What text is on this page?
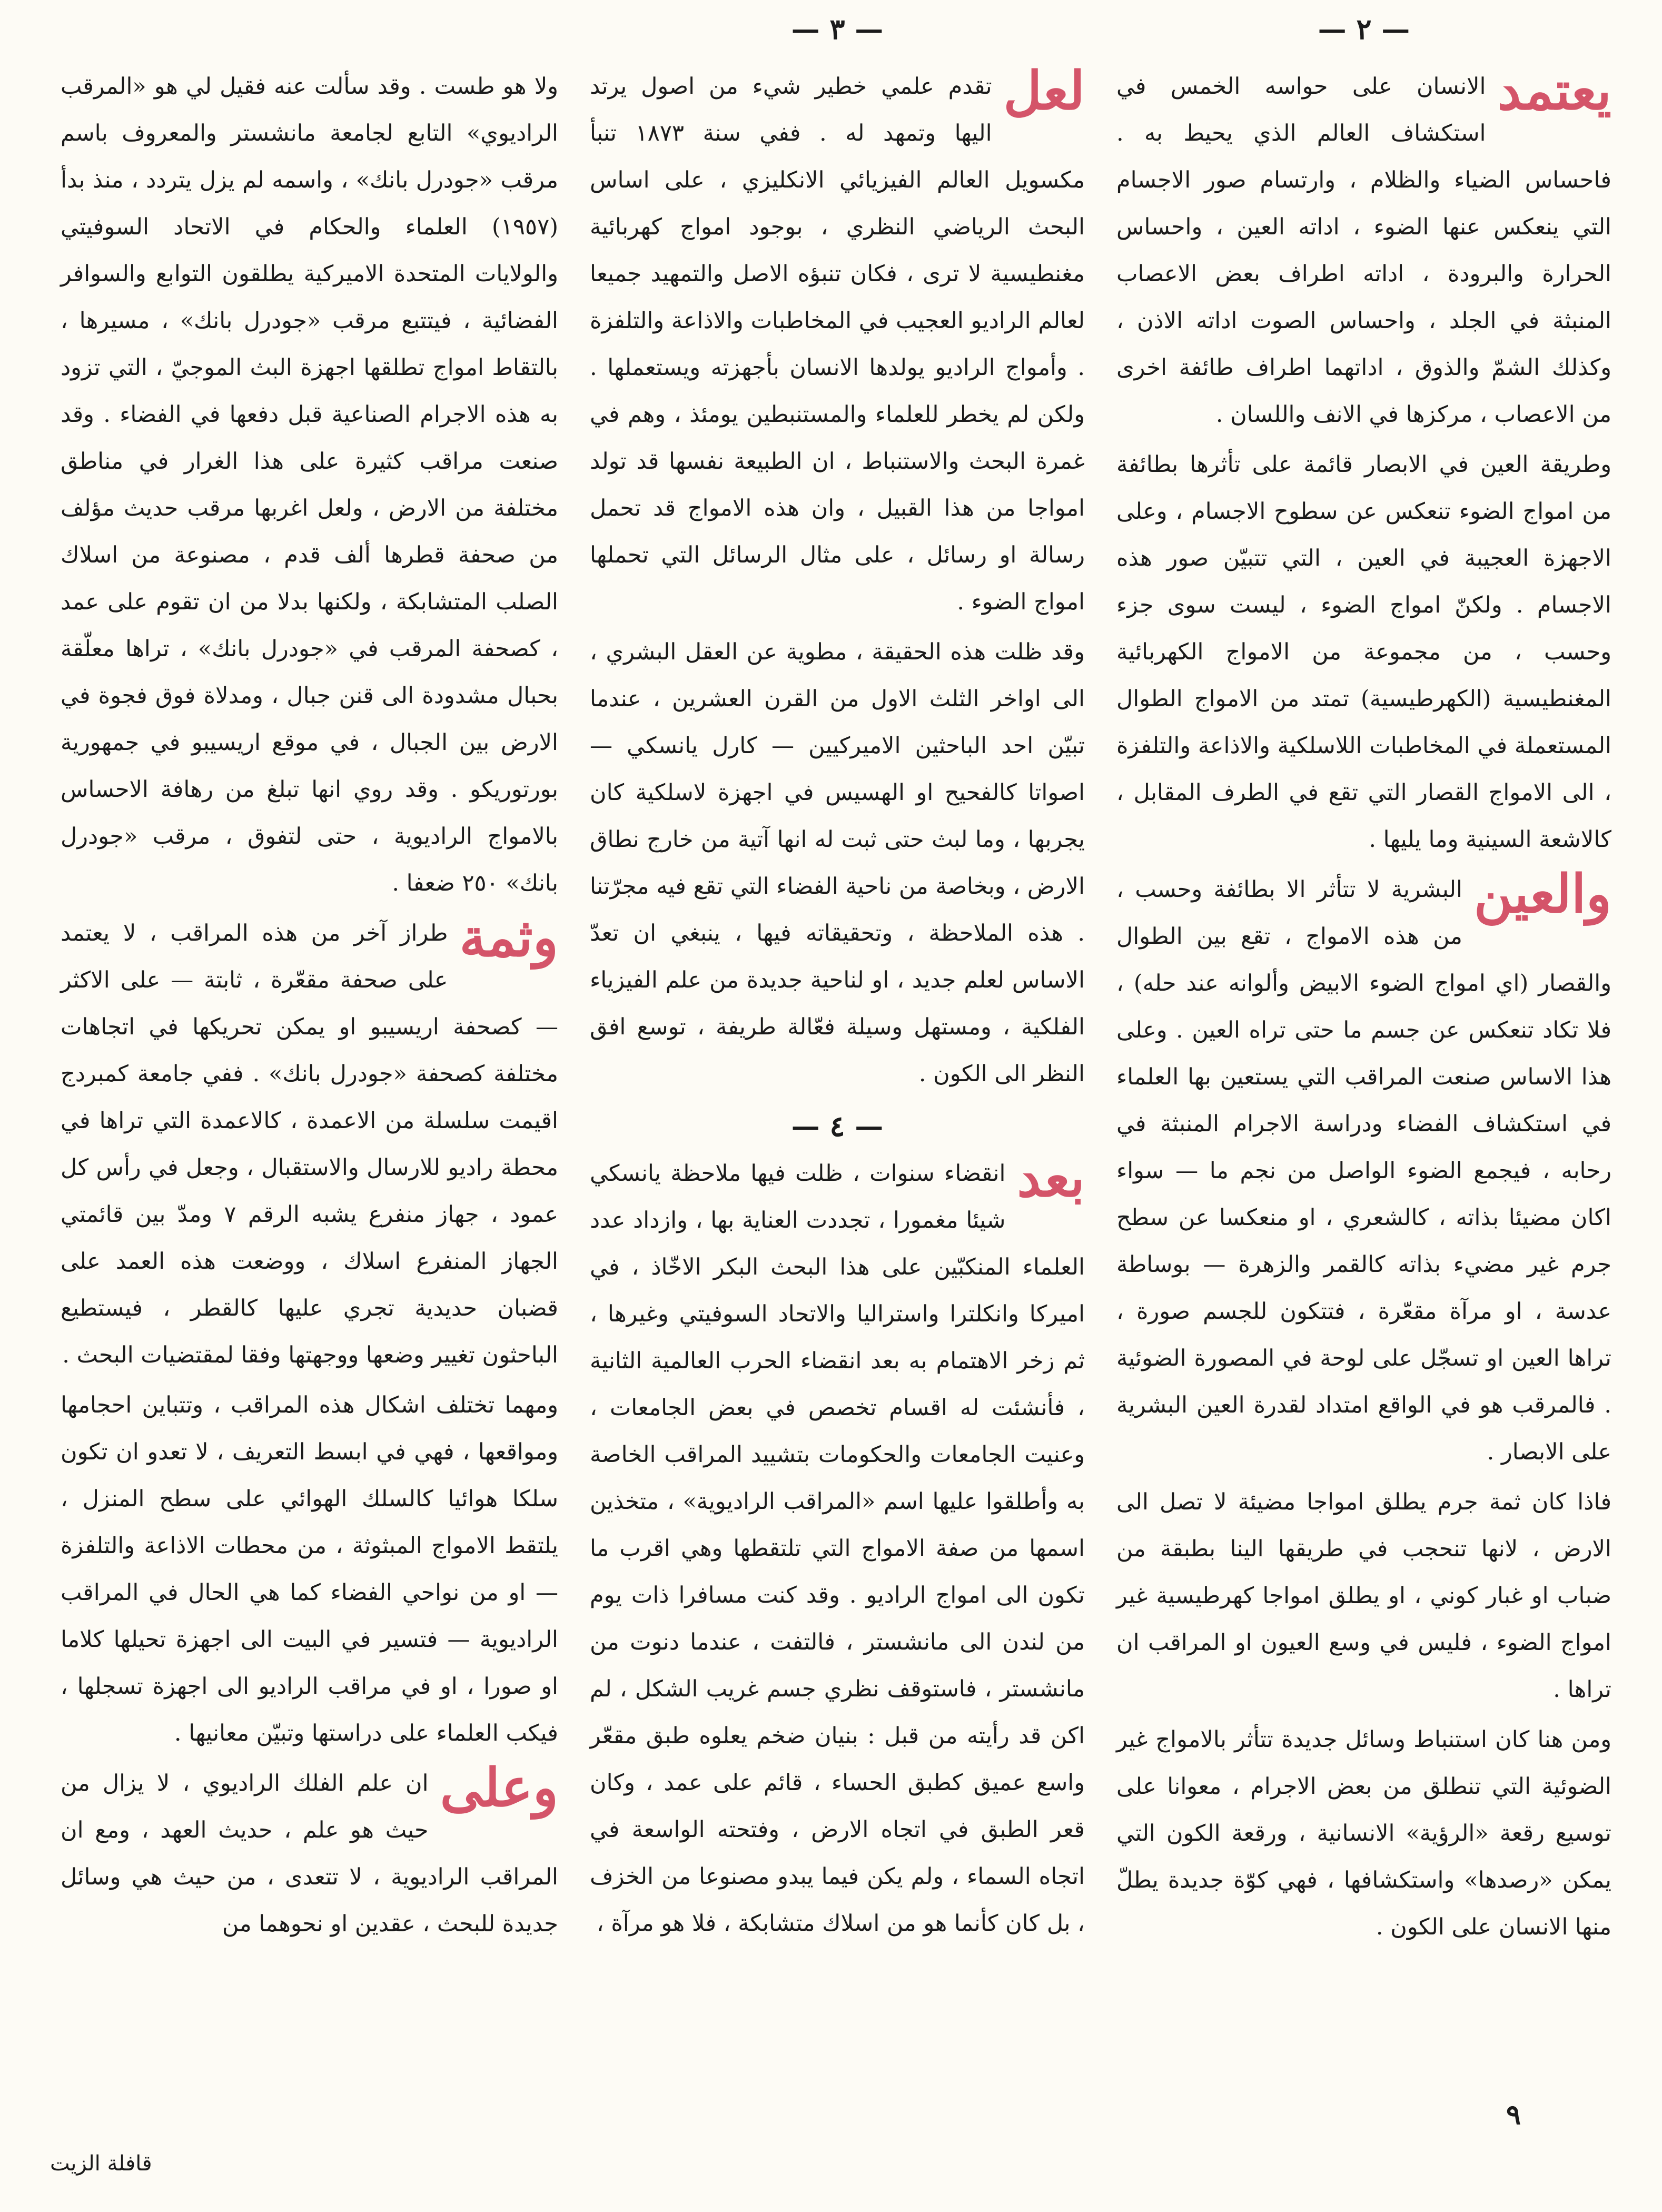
— ٢ —

يعتمد
الانسان على حواسه الخمس في استكشاف العالم الذي يحيط به . فاحساس الضياء والظلام ، وارتسام صور الاجسام التي ينعكس عنها الضوء ، اداته العين ، واحساس الحرارة والبرودة ، اداته اطراف بعض الاعصاب المنبثة في الجلد ، واحساس الصوت اداته الاذن ، وكذلك الشمّ والذوق ، اداتهما اطراف طائفة اخرى من الاعصاب ، مركزها في الانف واللسان .

وطريقة العين في الابصار قائمة على تأثرها بطائفة من امواج الضوء تنعكس عن سطوح الاجسام ، وعلى الاجهزة العجيبة في العين ، التي تتبيّن صور هذه الاجسام . ولكنّ امواج الضوء ، ليست سوى جزء وحسب ، من مجموعة من الامواج الكهربائية المغنطيسية (الكهرطيسية) تمتد من الامواج الطوال المستعملة في المخاطبات اللاسلكية والاذاعة والتلفزة ، الى الامواج القصار التي تقع في الطرف المقابل ، كالاشعة السينية وما يليها .

والعين
البشرية لا تتأثر الا بطائفة وحسب ، من هذه الامواج ، تقع بين الطوال والقصار (اي امواج الضوء الابيض وألوانه عند حله) ، فلا تكاد تنعكس عن جسم ما حتى تراه العين . وعلى هذا الاساس صنعت المراقب التي يستعين بها العلماء في استكشاف الفضاء ودراسة الاجرام المنبثة في رحابه ، فيجمع الضوء الواصل من نجم ما — سواء اكان مضيئا بذاته ، كالشعري ، او منعكسا عن سطح جرم غير مضيء بذاته كالقمر والزهرة — بوساطة عدسة ، او مرآة مقعّرة ، فتتكون للجسم صورة ، تراها العين او تسجّل على لوحة في المصورة الضوئية . فالمرقب هو في الواقع امتداد لقدرة العين البشرية على الابصار .

فاذا كان ثمة جرم يطلق امواجا مضيئة لا تصل الى الارض ، لانها تنحجب في طريقها الينا بطبقة من ضباب او غبار كوني ، او يطلق امواجا كهرطيسية غير امواج الضوء ، فليس في وسع العيون او المراقب ان تراها .

ومن هنا كان استنباط وسائل جديدة تتأثر بالامواج غير الضوئية التي تنطلق من بعض الاجرام ، معوانا على توسيع رقعة «الرؤية» الانسانية ، ورقعة الكون التي يمكن «رصدها» واستكشافها ، فهي كوّة جديدة يطلّ منها الانسان على الكون .

— ٣ —

لعل
تقدم علمي خطير شيء من اصول يرتد اليها وتمهد له . ففي سنة ١٨٧٣ تنبأ مكسويل العالم الفيزيائي الانكليزي ، على اساس البحث الرياضي النظري ، بوجود امواج كهربائية مغنطيسية لا ترى ، فكان تنبؤه الاصل والتمهيد جميعا لعالم الراديو العجيب في المخاطبات والاذاعة والتلفزة . وأمواج الراديو يولدها الانسان بأجهزته ويستعملها . ولكن لم يخطر للعلماء والمستنبطين يومئذ ، وهم في غمرة البحث والاستنباط ، ان الطبيعة نفسها قد تولد امواجا من هذا القبيل ، وان هذه الامواج قد تحمل رسالة او رسائل ، على مثال الرسائل التي تحملها امواج الضوء .

وقد ظلت هذه الحقيقة ، مطوية عن العقل البشري ، الى اواخر الثلث الاول من القرن العشرين ، عندما تبيّن احد الباحثين الاميركيين — كارل يانسكي — اصواتا كالفحيح او الهسيس في اجهزة لاسلكية كان يجربها ، وما لبث حتى ثبت له انها آتية من خارج نطاق الارض ، وبخاصة من ناحية الفضاء التي تقع فيه مجرّتنا . هذه الملاحظة ، وتحقيقاته فيها ، ينبغي ان تعدّ الاساس لعلم جديد ، او لناحية جديدة من علم الفيزياء الفلكية ، ومستهل وسيلة فعّالة طريفة ، توسع افق النظر الى الكون .

— ٤ —

بعد
انقضاء سنوات ، ظلت فيها ملاحظة يانسكي شيئا مغمورا ، تجددت العناية بها ، وازداد عدد العلماء المنكبّين على هذا البحث البكر الاخّاذ ، في اميركا وانكلترا واستراليا والاتحاد السوفيتي وغيرها ، ثم زخر الاهتمام به بعد انقضاء الحرب العالمية الثانية ، فأنشئت له اقسام تخصص في بعض الجامعات ، وعنيت الجامعات والحكومات بتشييد المراقب الخاصة به وأطلقوا عليها اسم «المراقب الراديوية» ، متخذين اسمها من صفة الامواج التي تلتقطها وهي اقرب ما تكون الى امواج الراديو . وقد كنت مسافرا ذات يوم من لندن الى مانشستر ، فالتفت ، عندما دنوت من مانشستر ، فاستوقف نظري جسم غريب الشكل ، لم اكن قد رأيته من قبل : بنيان ضخم يعلوه طبق مقعّر واسع عميق كطبق الحساء ، قائم على عمد ، وكان قعر الطبق في اتجاه الارض ، وفتحته الواسعة في اتجاه السماء ، ولم يكن فيما يبدو مصنوعا من الخزف ، بل كان كأنما هو من اسلاك متشابكة ، فلا هو مرآة ،

ولا هو طست . وقد سألت عنه فقيل لي هو «المرقب الراديوي» التابع لجامعة مانشستر والمعروف باسم مرقب «جودرل بانك» ، واسمه لم يزل يتردد ، منذ بدأ (١٩٥٧) العلماء والحكام في الاتحاد السوفيتي والولايات المتحدة الاميركية يطلقون التوابع والسوافر الفضائية ، فيتتبع مرقب «جودرل بانك» ، مسيرها ، بالتقاط امواج تطلقها اجهزة البث الموجيّ ، التي تزود به هذه الاجرام الصناعية قبل دفعها في الفضاء . وقد صنعت مراقب كثيرة على هذا الغرار في مناطق مختلفة من الارض ، ولعل اغربها مرقب حديث مؤلف من صحفة قطرها ألف قدم ، مصنوعة من اسلاك الصلب المتشابكة ، ولكنها بدلا من ان تقوم على عمد ، كصحفة المرقب في «جودرل بانك» ، تراها معلّقة بحبال مشدودة الى قنن جبال ، ومدلاة فوق فجوة في الارض بين الجبال ، في موقع اريسيبو في جمهورية بورتوريكو . وقد روي انها تبلغ من رهافة الاحساس بالامواج الراديوية ، حتى لتفوق ، مرقب «جودرل بانك» ٢٥٠ ضعفا .

وثمة
طراز آخر من هذه المراقب ، لا يعتمد على صحفة مقعّرة ، ثابتة — على الاكثر — كصحفة اريسيبو او يمكن تحريكها في اتجاهات مختلفة كصحفة «جودرل بانك» . ففي جامعة كمبردج اقيمت سلسلة من الاعمدة ، كالاعمدة التي تراها في محطة راديو للارسال والاستقبال ، وجعل في رأس كل عمود ، جهاز منفرع يشبه الرقم ٧ ومدّ بين قائمتي الجهاز المنفرع اسلاك ، ووضعت هذه العمد على قضبان حديدية تجري عليها كالقطر ، فيستطيع الباحثون تغيير وضعها ووجهتها وفقا لمقتضيات البحث .

ومهما تختلف اشكال هذه المراقب ، وتتباين احجامها ومواقعها ، فهي في ابسط التعريف ، لا تعدو ان تكون سلكا هوائيا كالسلك الهوائي على سطح المنزل ، يلتقط الامواج المبثوثة ، من محطات الاذاعة والتلفزة — او من نواحي الفضاء كما هي الحال في المراقب الراديوية — فتسير في البيت الى اجهزة تحيلها كلاما او صورا ، او في مراقب الراديو الى اجهزة تسجلها ، فيكب العلماء على دراستها وتبيّن معانيها .

وعلى
ان علم الفلك الراديوي ، لا يزال من حيث هو علم ، حديث العهد ، ومع ان المراقب الراديوية ، لا تتعدى ، من حيث هي وسائل جديدة للبحث ، عقدين او نحوهما من

٩
قافلة الزيت
